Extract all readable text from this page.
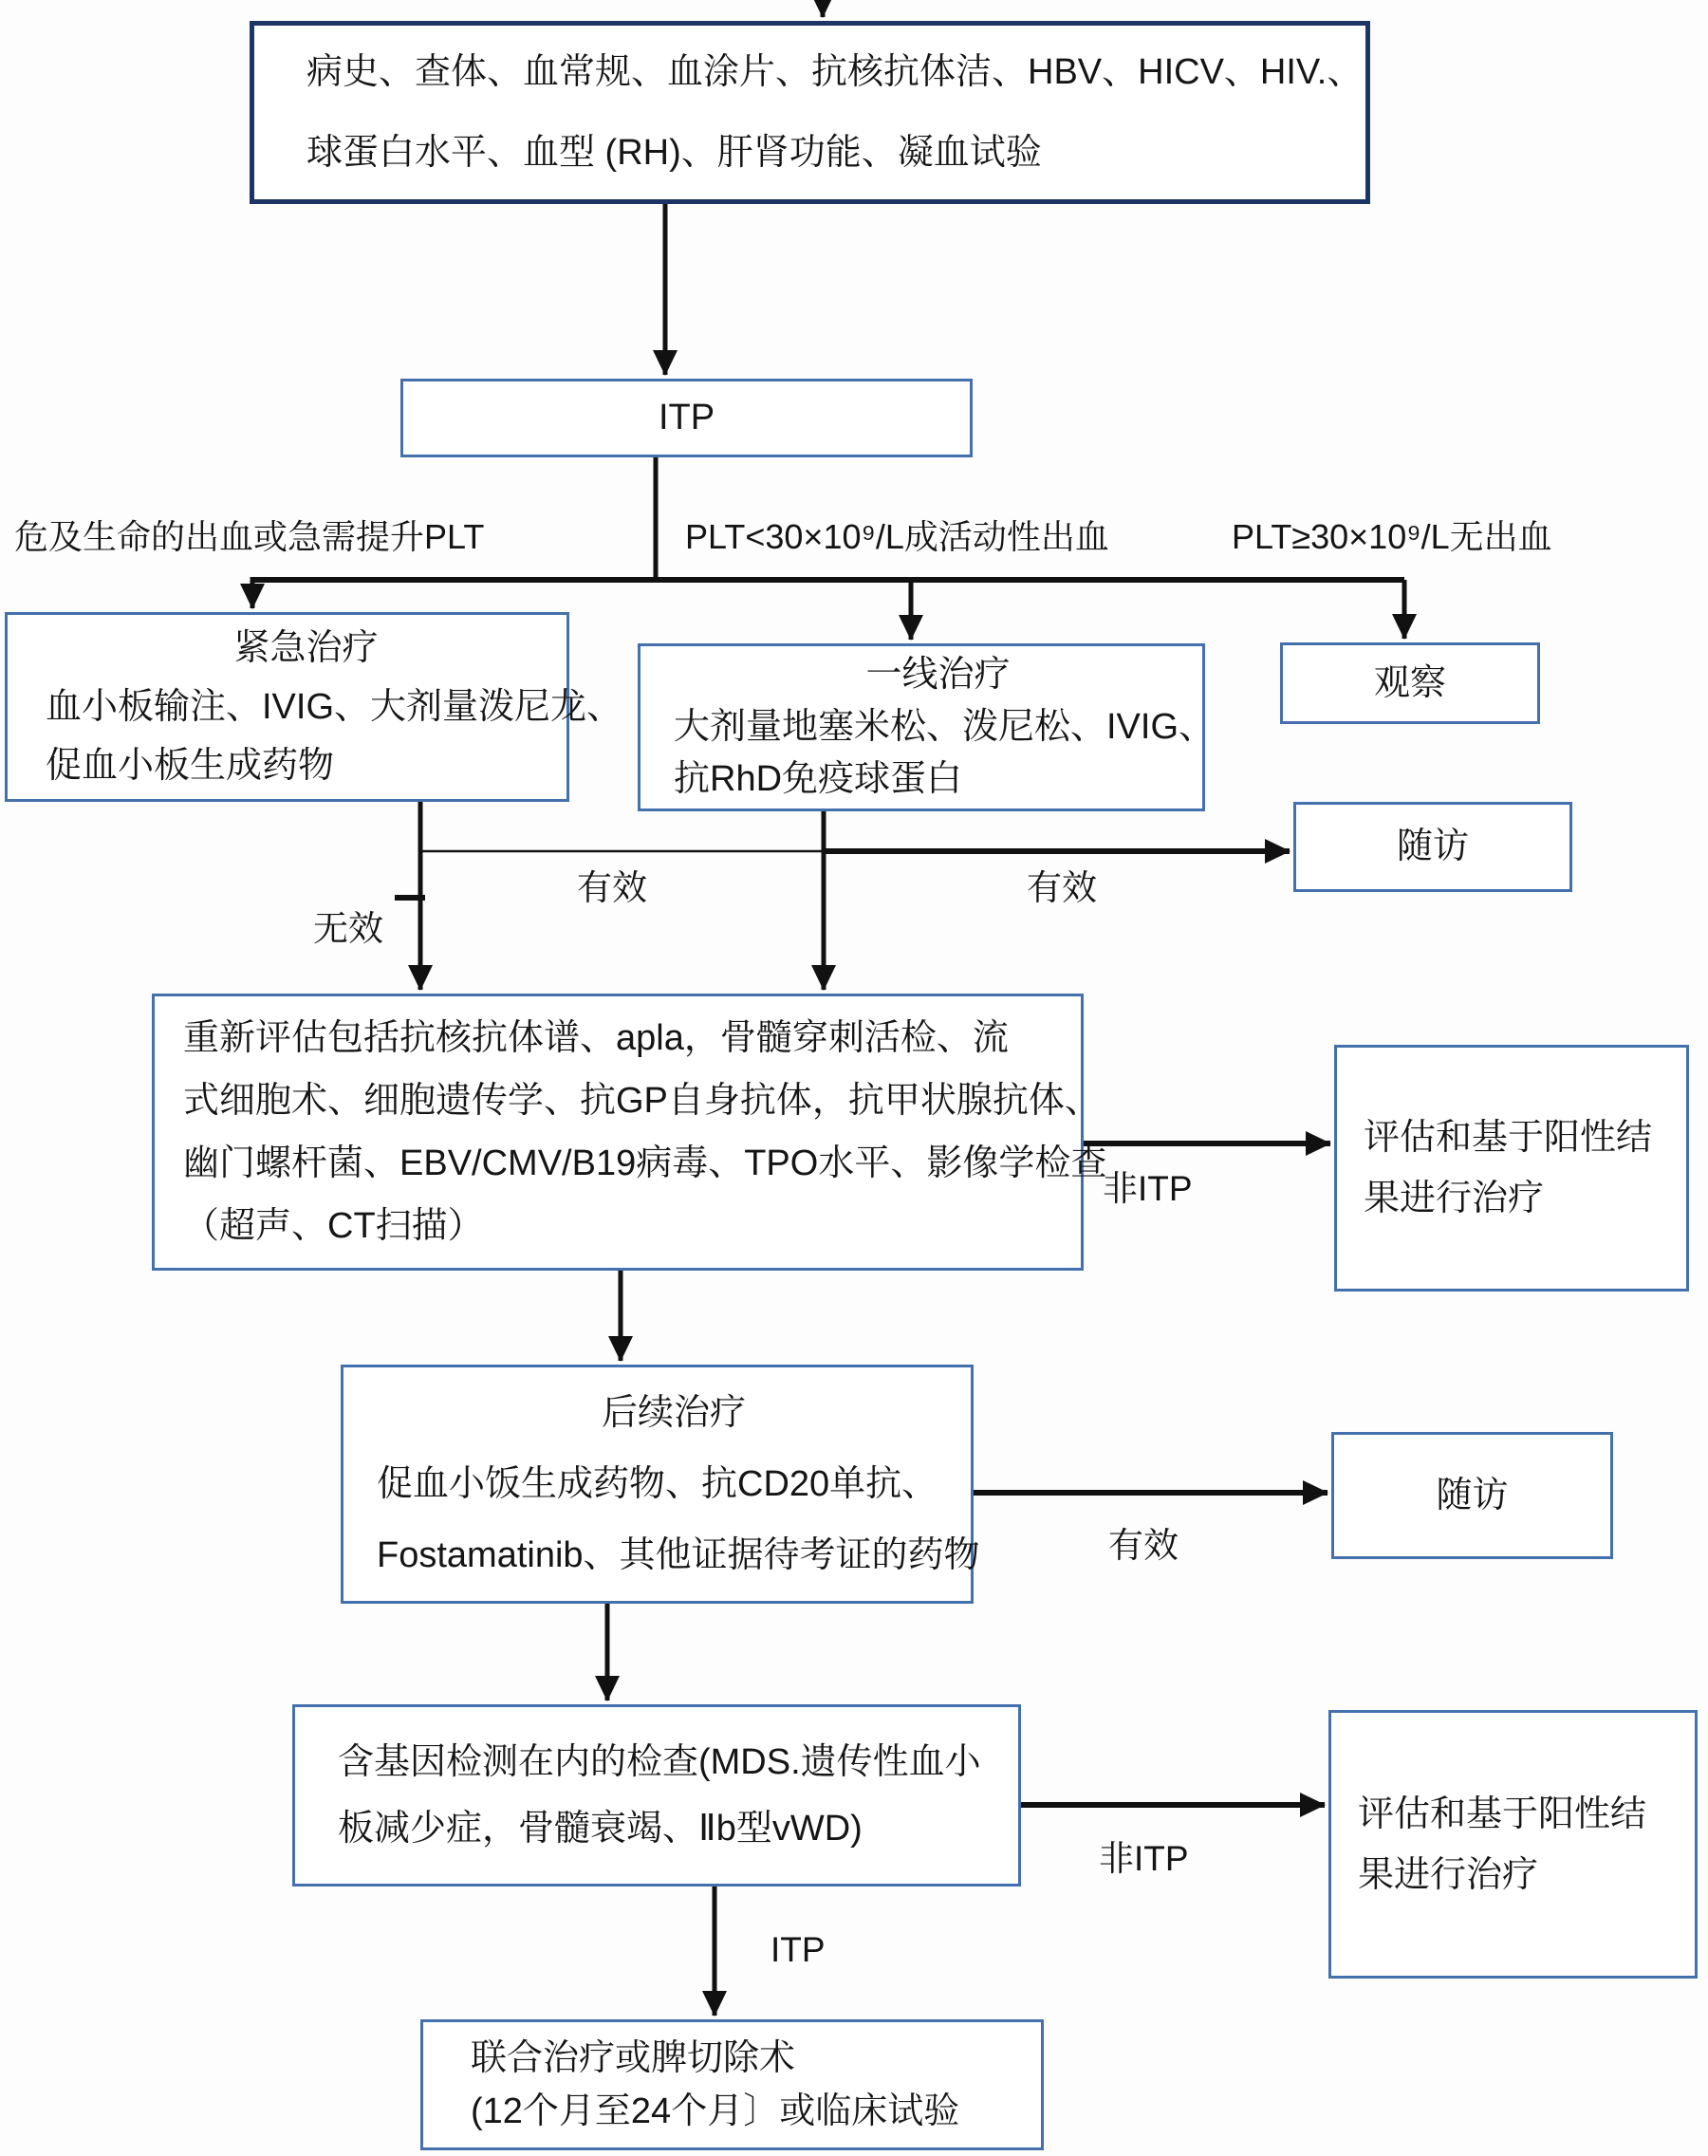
病史、查体、血常规、血涂片、抗核抗体洁、HBV、HICV、HIV.、
球蛋白水平、血型 (RH)、肝肾功能、凝血试验
ITP
紧急治疗
血小板输注、IVIG、大剂量泼尼龙、
促血小板生成药物
一线治疗
大剂量地塞米松、泼尼松、IVIG、
抗RhD免疫球蛋白
观察
随访
重新评估包括抗核抗体谱、apla，骨髓穿刺活检、流
式细胞术、细胞遗传学、抗GP自身抗体，抗甲状腺抗体、
幽门螺杆菌、EBV/CMV/B19病毒、TPO水平、影像学检查
（超声、CT扫描）
评估和基于阳性结
果进行治疗
后续治疗
促血小饭生成药物、抗CD20单抗、
Fostamatinib、其他证据待考证的药物
随访
含基因检测在内的检查(MDS.遗传性血小
板减少症，骨髓衰竭、Ⅱb型vWD)	评估和基于阳性结
果进行治疗
联合治疗或脾切除术
(12个月至24个月〕或临床试验
危及生命的出血或急需提升PLT	PLT<30×10⁹/L成活动性出血	PLT≥30×10⁹/L无出血
有效	有效
无效
非ITP
有效
非ITP
ITP
